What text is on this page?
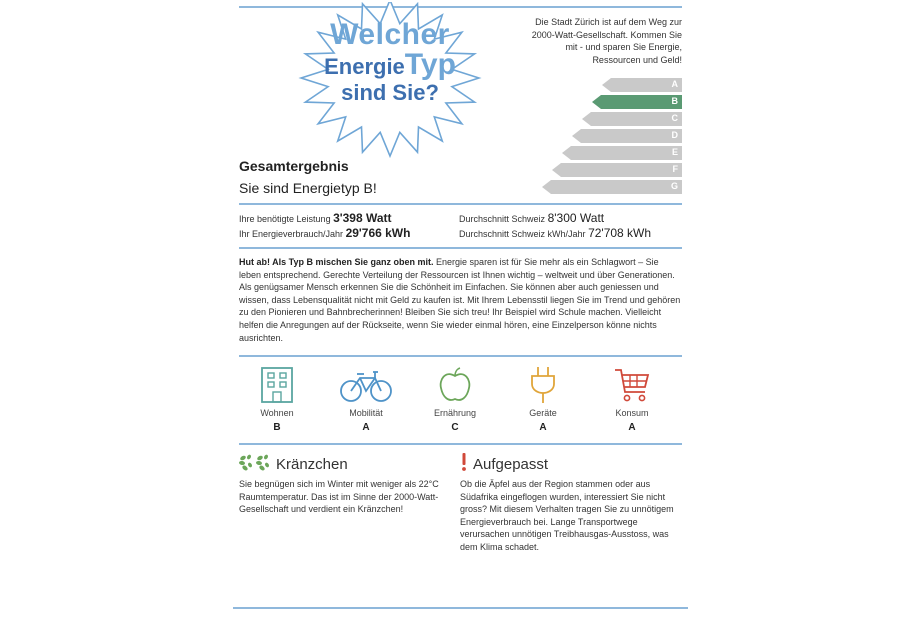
Welcher
EnergieTyp
sind Sie?
Die Stadt Zürich ist auf dem Weg zur 2000-Watt-Gesellschaft. Kommen Sie mit - und sparen Sie Energie, Ressourcen und Geld!
A
B
C
D
E
F
G
Gesamtergebnis
Sie sind Energietyp B!
Ihre benötigte Leistung 3'398 Watt
Ihr Energieverbrauch/Jahr 29'766 kWh
Durchschnitt Schweiz 8'300 Watt
Durchschnitt Schweiz kWh/Jahr 72'708 kWh
Hut ab! Als Typ B mischen Sie ganz oben mit. Energie sparen ist für Sie mehr als ein Schlagwort – Sie leben entsprechend. Gerechte Verteilung der Ressourcen ist Ihnen wichtig – weltweit und über Generationen. Als genügsamer Mensch erkennen Sie die Schönheit im Einfachen. Sie können aber auch geniessen und wissen, dass Lebensqualität nicht mit Geld zu kaufen ist. Mit Ihrem Lebensstil liegen Sie im Trend und gehören zu den Pionieren und Bahnbrecherinnen! Bleiben Sie sich treu! Ihr Beispiel wird Schule machen. Vielleicht helfen die Anregungen auf der Rückseite, wenn Sie wieder einmal hören, eine Einzelperson könne nichts ausrichten.
Wohnen
B
Mobilität
A
Ernährung
C
Geräte
A
Konsum
A
Kränzchen
Sie begnügen sich im Winter mit weniger als 22°C Raumtemperatur. Das ist im Sinne der 2000-Watt-Gesellschaft und verdient ein Kränzchen!
Aufgepasst
Ob die Äpfel aus der Region stammen oder aus Südafrika eingeflogen wurden, interessiert Sie nicht gross? Mit diesem Verhalten tragen Sie zu unnötigem Energieverbrauch bei. Lange Transportwege verursachen unnötigen Treibhausgas-Ausstoss, was dem Klima schadet.
